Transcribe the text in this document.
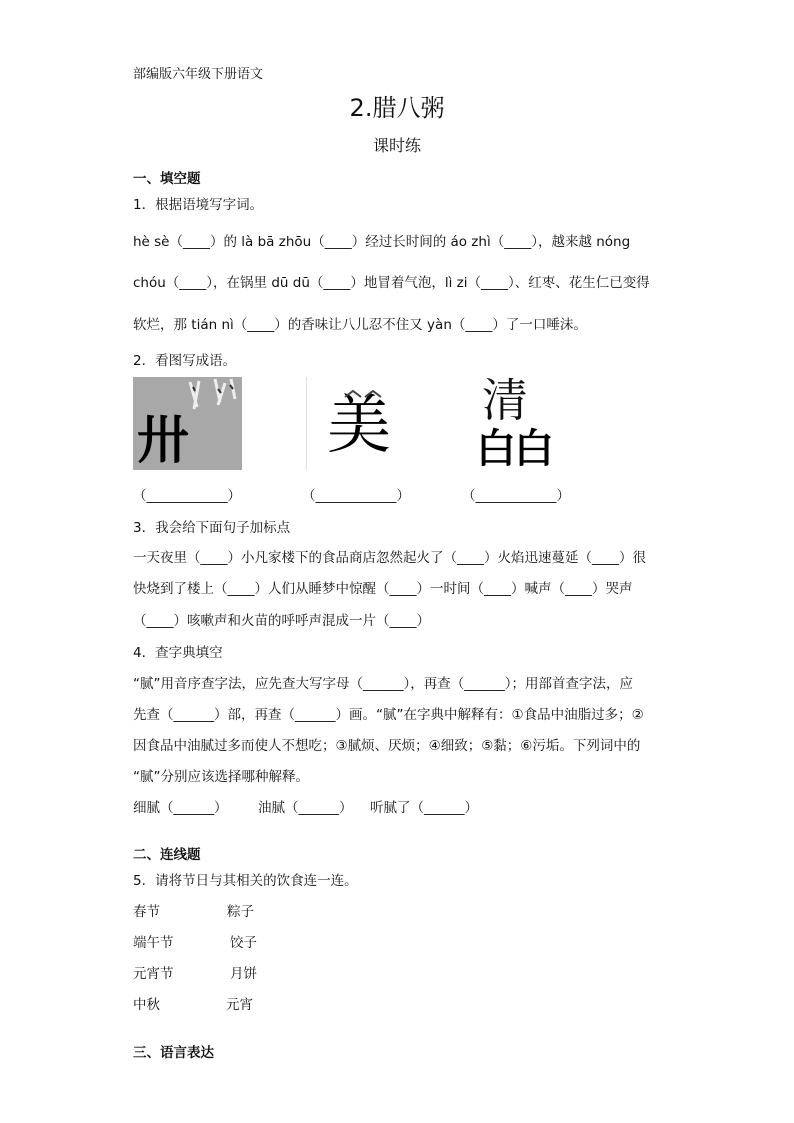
部编版六年级下册语文
2.腊八粥
课时练
一、填空题
1．根据语境写字词。
hè sè（____）的 là bā zhōu（____）经过长时间的 áo zhì（____），越来越 nóng
chóu（____），在锅里 dū dū（____）地冒着气泡，lì zi（____）、红枣、花生仁已变得
软烂，那 tián nì（____）的香味让八儿忍不住又 yàn（____）了一口唾沫。
2．看图写成语。
卅 美 清
白白
（____________）	（____________）	（____________）
3．我会给下面句子加标点
一天夜里（____）小凡家楼下的食品商店忽然起火了（____）火焰迅速蔓延（____）很
快烧到了楼上（____）人们从睡梦中惊醒（____）一时间（____）喊声（____）哭声
（____）咳嗽声和火苗的呼呼声混成一片（____）
4．查字典填空
“腻”用音序查字法，应先查大写字母（______），再查（______）；用部首查字法，应
先查（______）部，再查（______）画。“腻”在字典中解释有：①食品中油脂过多；②
因食品中油腻过多而使人不想吃；③腻烦、厌烦；④细致；⑤黏；⑥污垢。下列词中的
“腻”分别应该选择哪种解释。
细腻（______） 油腻（______） 听腻了（______）
二、连线题
5．请将节日与其相关的饮食连一连。
春节
端午节
元宵节
中秋
粽子
饺子
月饼
元宵
三、语言表达
